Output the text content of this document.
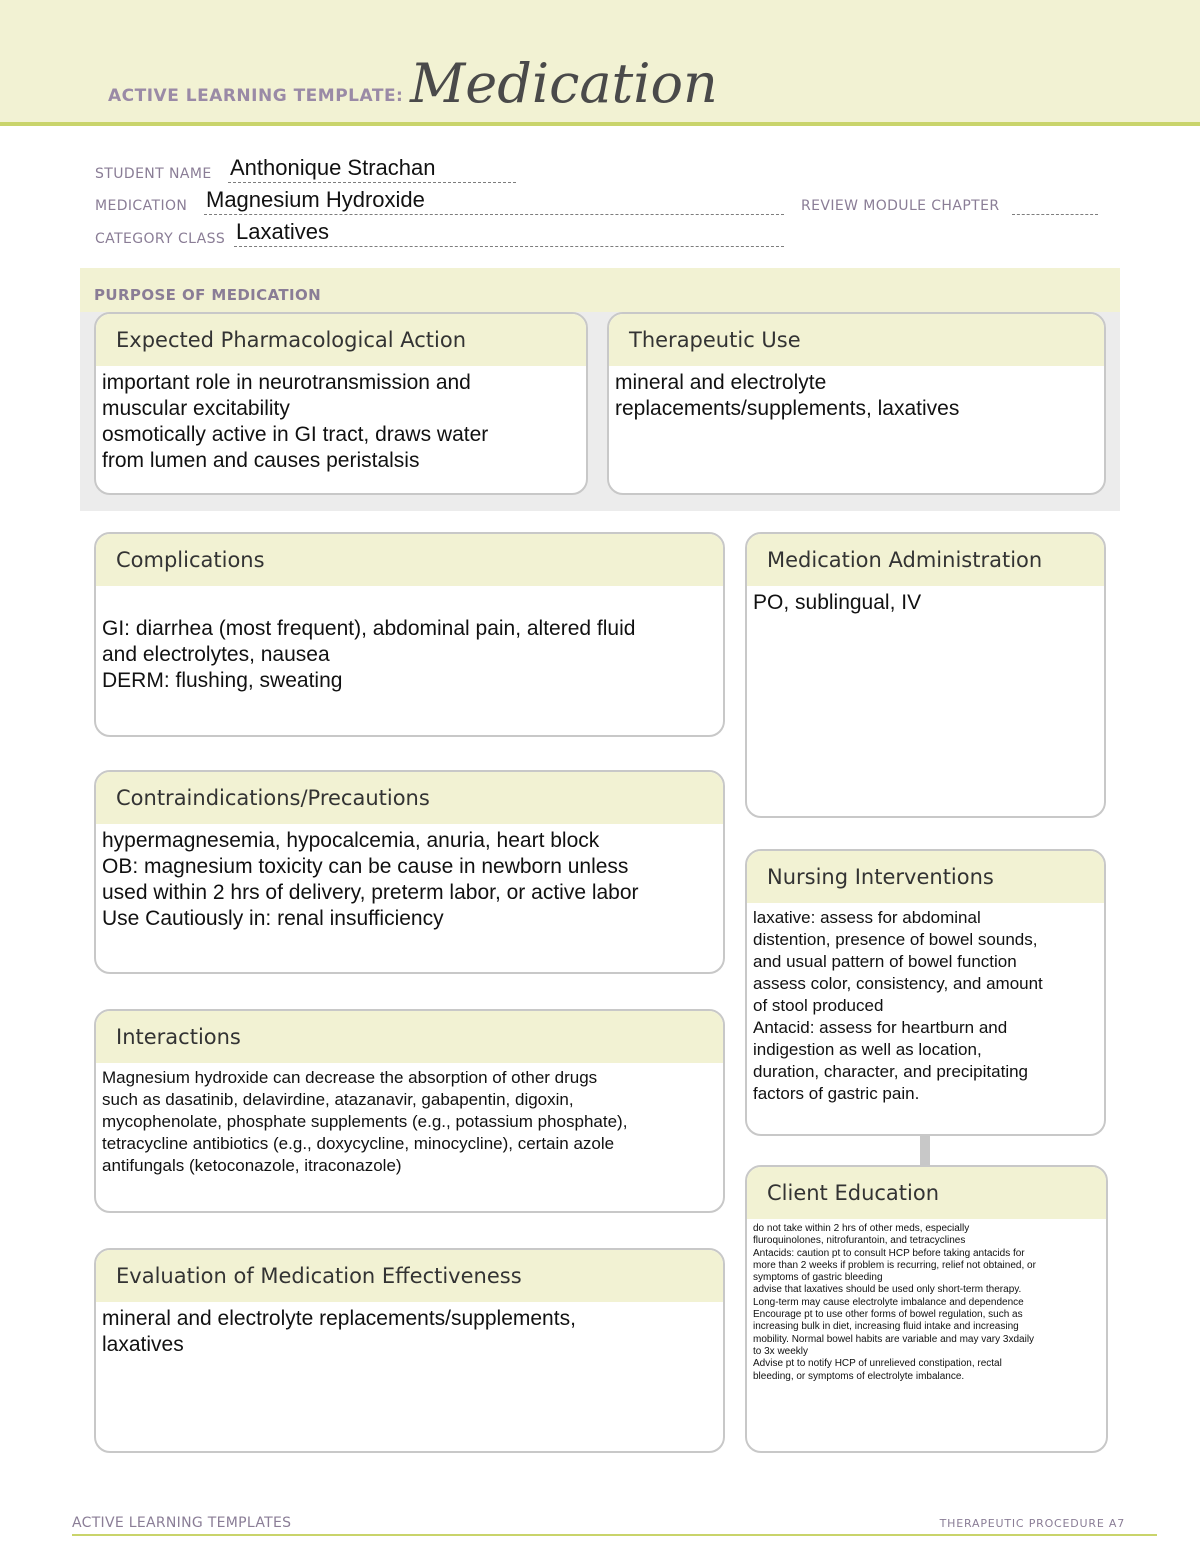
ACTIVE LEARNING TEMPLATE: Medication
STUDENT NAME Anthonique Strachan
MEDICATION Magnesium Hydroxide	REVIEW MODULE CHAPTER
CATEGORY CLASS Laxatives
PURPOSE OF MEDICATION
Expected Pharmacological Action
important role in neurotransmission and
muscular excitability
osmotically active in GI tract, draws water
from lumen and causes peristalsis
Therapeutic Use
mineral and electrolyte
replacements/supplements, laxatives
Complications
GI: diarrhea (most frequent), abdominal pain, altered fluid
and electrolytes, nausea
DERM: flushing, sweating
Medication Administration
PO, sublingual, IV
Contraindications/Precautions
hypermagnesemia, hypocalcemia, anuria, heart block
OB: magnesium toxicity can be cause in newborn unless
used within 2 hrs of delivery, preterm labor, or active labor
Use Cautiously in: renal insufficiency
Nursing Interventions
laxative: assess for abdominal
distention, presence of bowel sounds,
and usual pattern of bowel function
assess color, consistency, and amount
of stool produced
Antacid: assess for heartburn and
indigestion as well as location,
duration, character, and precipitating
factors of gastric pain.
Interactions
Magnesium hydroxide can decrease the absorption of other drugs
such as dasatinib, delavirdine, atazanavir, gabapentin, digoxin,
mycophenolate, phosphate supplements (e.g., potassium phosphate),
tetracycline antibiotics (e.g., doxycycline, minocycline), certain azole
antifungals (ketoconazole, itraconazole)
Client Education
do not take within 2 hrs of other meds, especially
fluroquinolones, nitrofurantoin, and tetracyclines
Antacids: caution pt to consult HCP before taking antacids for
more than 2 weeks if problem is recurring, relief not obtained, or
symptoms of gastric bleeding
advise that laxatives should be used only short-term therapy.
Long-term may cause electrolyte imbalance and dependence
Encourage pt to use other forms of bowel regulation, such as
increasing bulk in diet, increasing fluid intake and increasing
mobility. Normal bowel habits are variable and may vary 3xdaily
to 3x weekly
Advise pt to notify HCP of unrelieved constipation, rectal
bleeding, or symptoms of electrolyte imbalance.
Evaluation of Medication Effectiveness
mineral and electrolyte replacements/supplements,
laxatives
ACTIVE LEARNING TEMPLATES	THERAPEUTIC PROCEDURE A7
